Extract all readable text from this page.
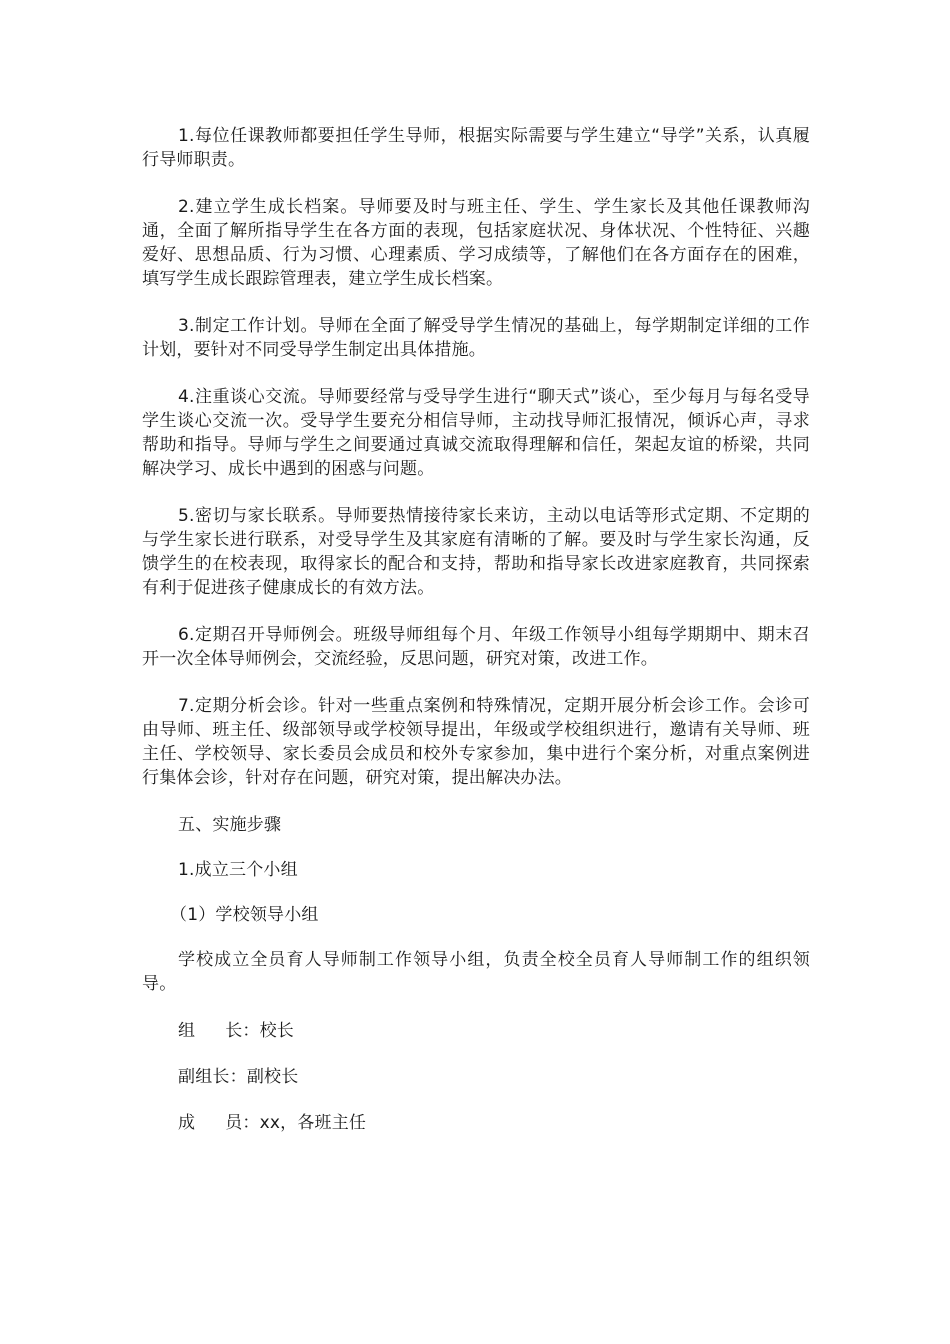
1.每位任课教师都要担任学生导师，根据实际需要与学生建立“导学”关系，认真履行导师职责。

2.建立学生成长档案。导师要及时与班主任、学生、学生家长及其他任课教师沟通，全面了解所指导学生在各方面的表现，包括家庭状况、身体状况、个性特征、兴趣爱好、思想品质、行为习惯、心理素质、学习成绩等，了解他们在各方面存在的困难，填写学生成长跟踪管理表，建立学生成长档案。

3.制定工作计划。导师在全面了解受导学生情况的基础上，每学期制定详细的工作计划，要针对不同受导学生制定出具体措施。

4.注重谈心交流。导师要经常与受导学生进行“聊天式”谈心，至少每月与每名受导学生谈心交流一次。受导学生要充分相信导师，主动找导师汇报情况，倾诉心声，寻求帮助和指导。导师与学生之间要通过真诚交流取得理解和信任，架起友谊的桥梁，共同解决学习、成长中遇到的困惑与问题。

5.密切与家长联系。导师要热情接待家长来访，主动以电话等形式定期、不定期的与学生家长进行联系，对受导学生及其家庭有清晰的了解。要及时与学生家长沟通，反馈学生的在校表现，取得家长的配合和支持，帮助和指导家长改进家庭教育，共同探索有利于促进孩子健康成长的有效方法。

6.定期召开导师例会。班级导师组每个月、年级工作领导小组每学期期中、期末召开一次全体导师例会，交流经验，反思问题，研究对策，改进工作。

7.定期分析会诊。针对一些重点案例和特殊情况，定期开展分析会诊工作。会诊可由导师、班主任、级部领导或学校领导提出，年级或学校组织进行，邀请有关导师、班主任、学校领导、家长委员会成员和校外专家参加，集中进行个案分析，对重点案例进行集体会诊，针对存在问题，研究对策，提出解决办法。

五、实施步骤

1.成立三个小组

（1）学校领导小组

学校成立全员育人导师制工作领导小组，负责全校全员育人导师制工作的组织领导。

组 长：校长
副组长：副校长
成 员：xx，各班主任
